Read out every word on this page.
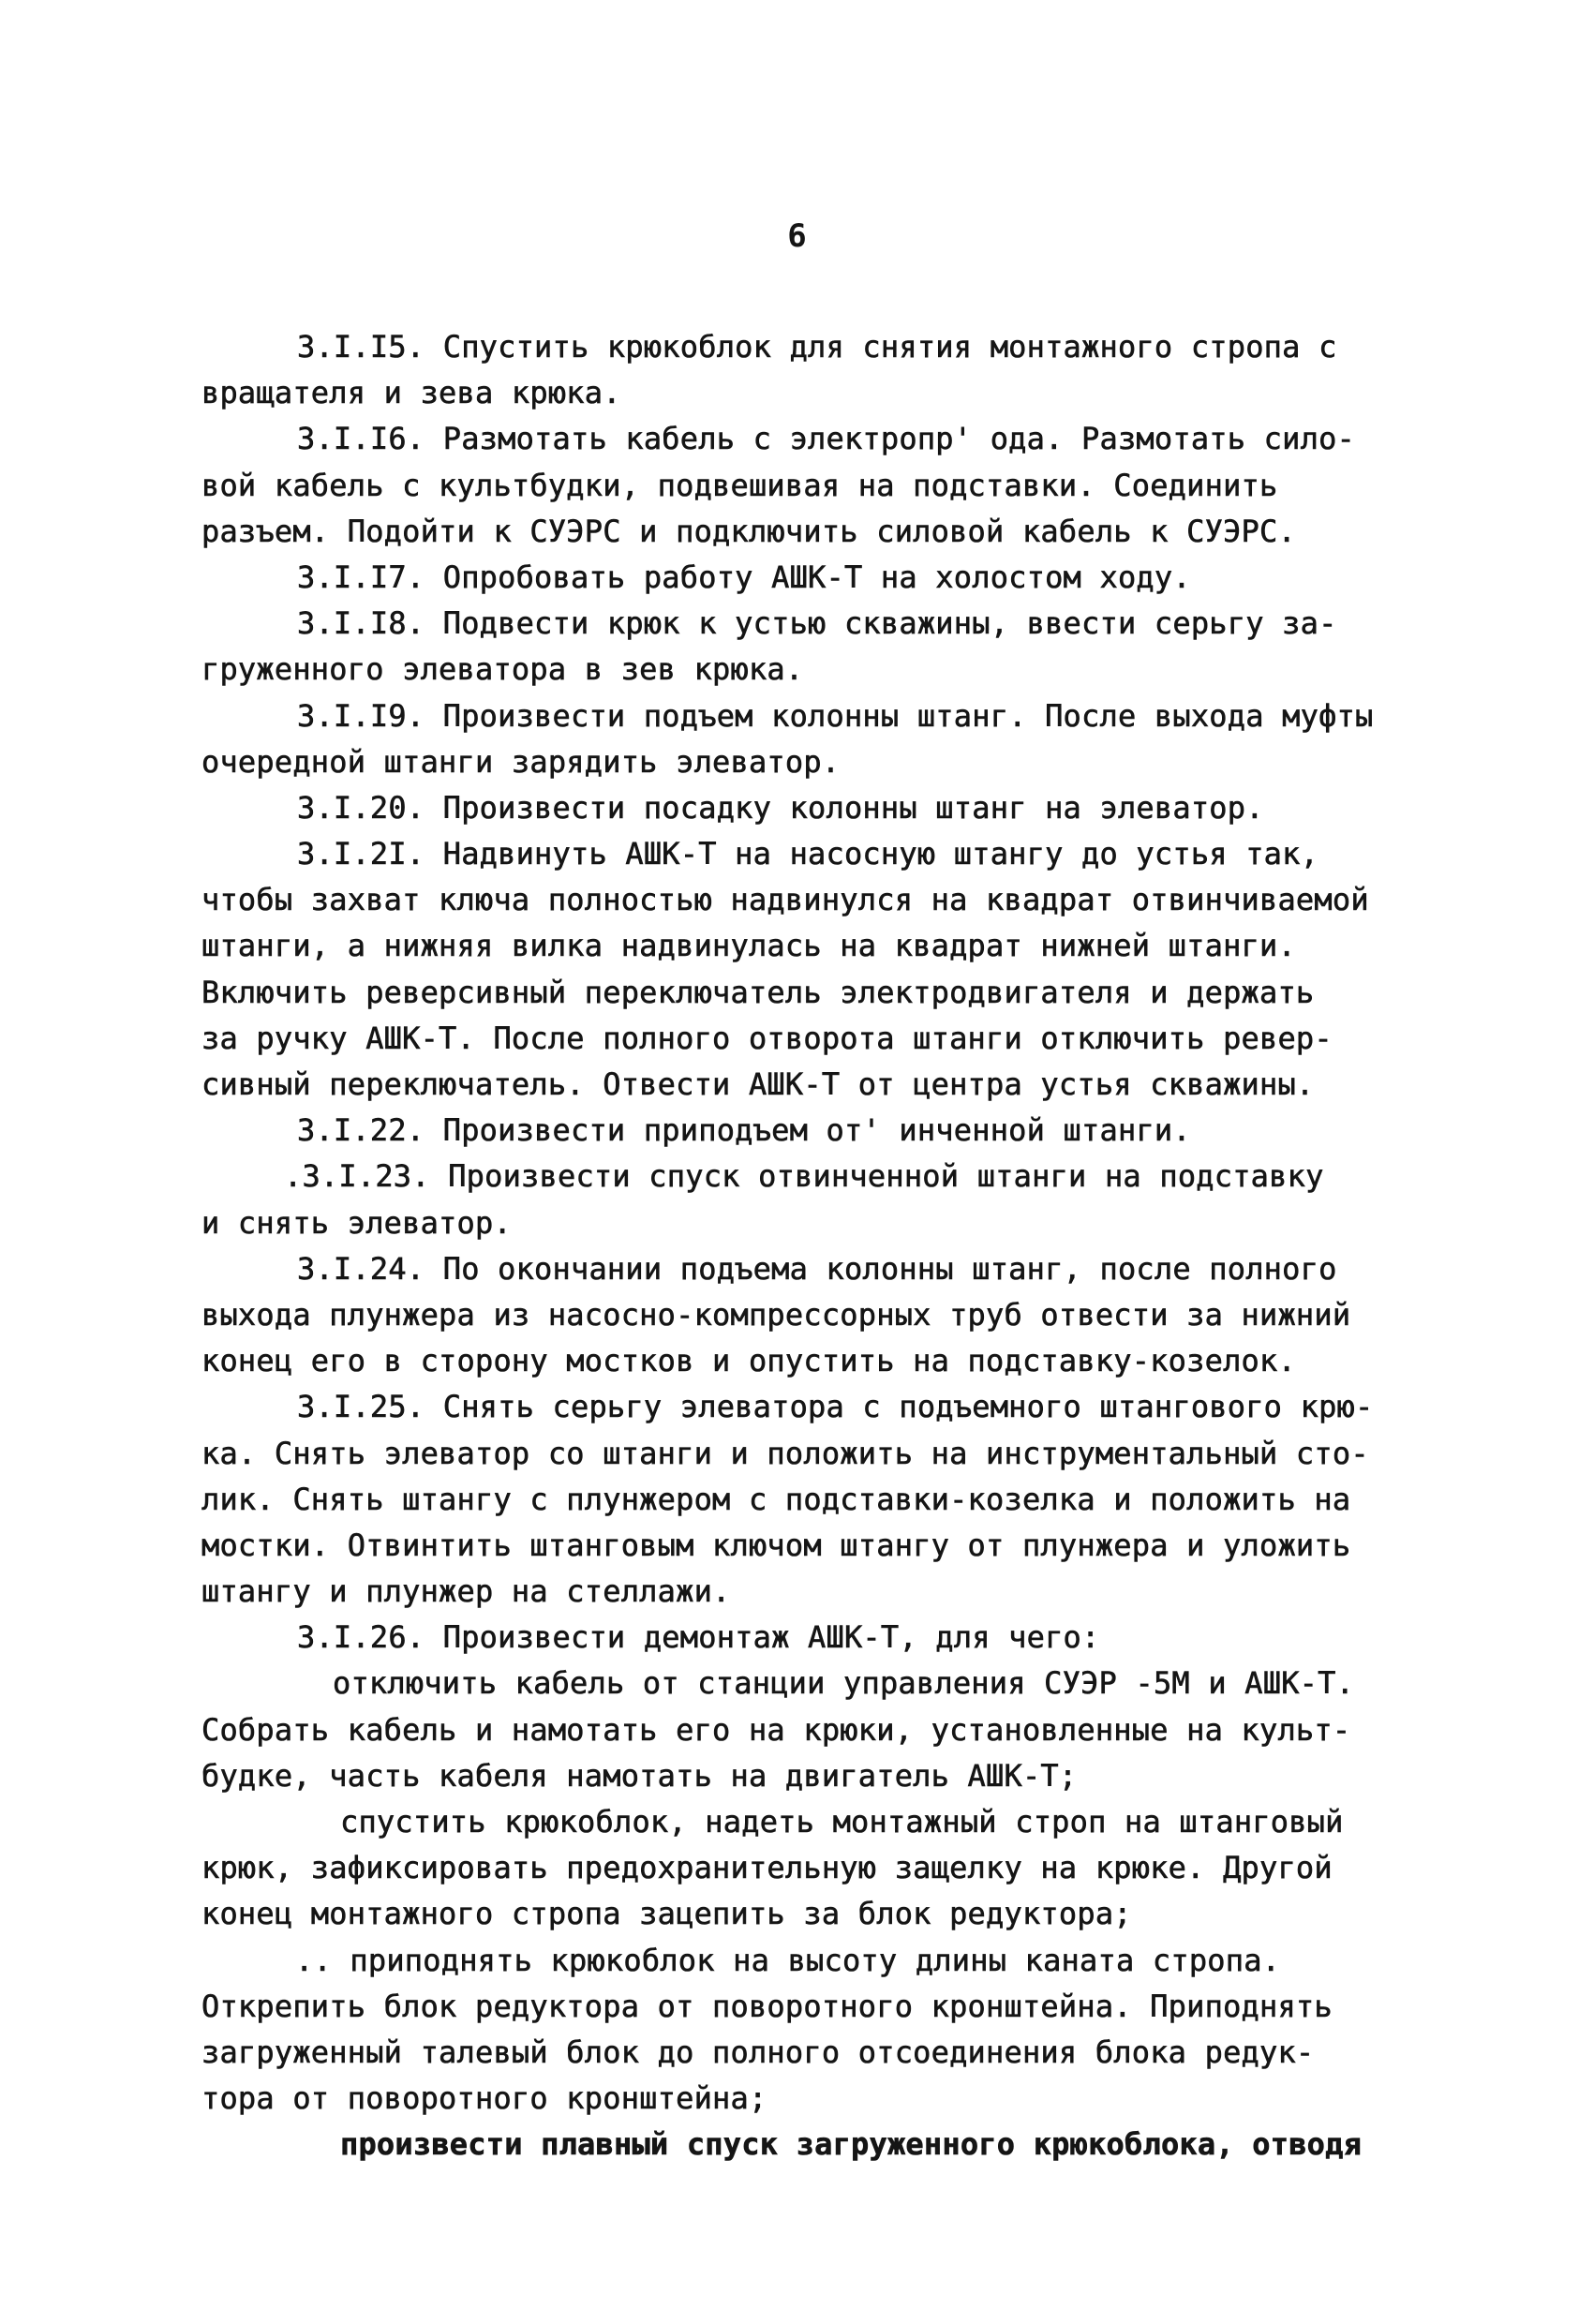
6
3.I.I5. Спустить крюкоблок для снятия монтажного стропа с
вращателя и зева крюка.
3.I.I6. Размотать кабель с электропр' ода. Размотать сило-
вой кабель с культбудки, подвешивая на подставки. Соединить
разъем. Подойти к СУЭРС и подключить силовой кабель к СУЭРС.
3.I.I7. Опробовать работу АШК-Т на холостом ходу.
3.I.I8. Подвести крюк к устью скважины, ввести серьгу за-
груженного элеватора в зев крюка.
3.I.I9. Произвести подъем колонны штанг. После выхода муфты
очередной штанги зарядить элеватор.
3.I.20. Произвести посадку колонны штанг на элеватор.
3.I.2I. Надвинуть АШК-Т на насосную штангу до устья так,
чтобы захват ключа полностью надвинулся на квадрат отвинчиваемой
штанги, а нижняя вилка надвинулась на квадрат нижней штанги.
Включить реверсивный переключатель электродвигателя и держать
за ручку АШК-Т. После полного отворота штанги отключить ревер-
сивный переключатель. Отвести АШК-Т от центра устья скважины.
3.I.22. Произвести приподъем от' инченной штанги.
.3.I.23. Произвести спуск отвинченной штанги на подставку
и снять элеватор.
3.I.24. По окончании подъема колонны штанг, после полного
выхода плунжера из насосно-компрессорных труб отвести за нижний
конец его в сторону мостков и опустить на подставку-козелок.
3.I.25. Снять серьгу элеватора с подъемного штангового крю-
ка. Снять элеватор со штанги и положить на инструментальный сто-
лик. Снять штангу с плунжером с подставки-козелка и положить на
мостки. Отвинтить штанговым ключом штангу от плунжера и уложить
штангу и плунжер на стеллажи.
3.I.26. Произвести демонтаж АШК-Т, для чего:
отключить кабель от станции управления СУЭР -5М и АШК-Т.
Собрать кабель и намотать его на крюки, установленные на культ-
будке, часть кабеля намотать на двигатель АШК-Т;
спустить крюкоблок, надеть монтажный строп на штанговый
крюк, зафиксировать предохранительную защелку на крюке. Другой
конец монтажного стропа зацепить за блок редуктора;
.. приподнять крюкоблок на высоту длины каната стропа.
Открепить блок редуктора от поворотного кронштейна. Приподнять
загруженный талевый блок до полного отсоединения блока редук-
тора от поворотного кронштейна;
произвести плавный спуск загруженного крюкоблока, отводя
